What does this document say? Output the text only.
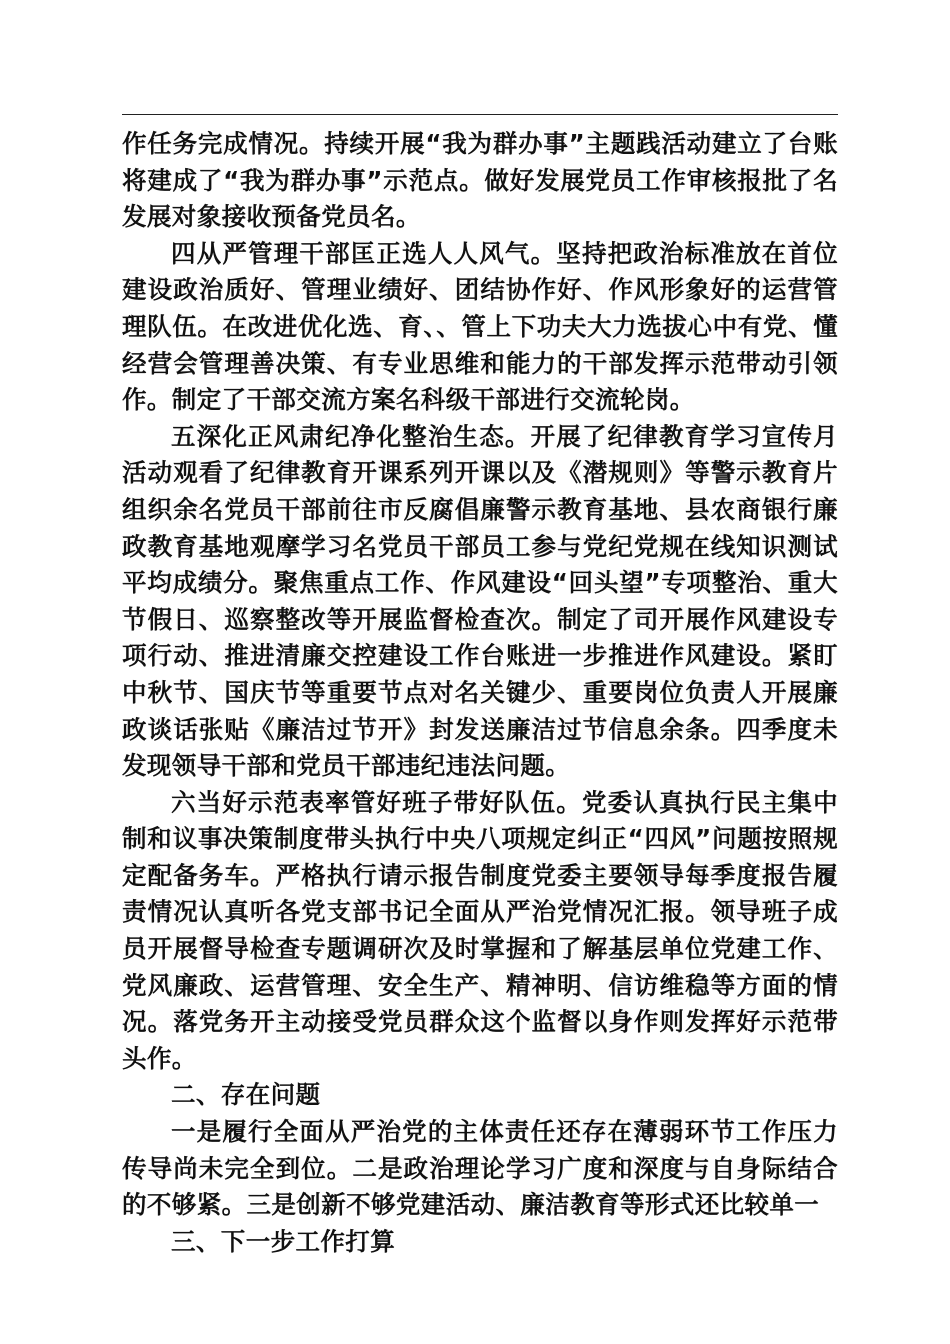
作任务完成情况。持续开展“我为群办事”主题践活动建立了台账将建成了“我为群办事”示范点。做好发展党员工作审核报批了名发展对象接收预备党员名。

四从严管理干部匡正选人人风气。坚持把政治标准放在首位建设政治质好、管理业绩好、团结协作好、作风形象好的运营管理队伍。在改进优化选、育、、管上下功夫大力选拔心中有党、懂经营会管理善决策、有专业思维和能力的干部发挥示范带动引领作。制定了干部交流方案名科级干部进行交流轮岗。

五深化正风肃纪净化整治生态。开展了纪律教育学习宣传月活动观看了纪律教育开课系列开课以及《潜规则》等警示教育片组织余名党员干部前往市反腐倡廉警示教育基地、县农商银行廉政教育基地观摩学习名党员干部员工参与党纪党规在线知识测试平均成绩分。聚焦重点工作、作风建设“回头望”专项整治、重大节假日、巡察整改等开展监督检查次。制定了司开展作风建设专项行动、推进清廉交控建设工作台账进一步推进作风建设。紧盯中秋节、国庆节等重要节点对名关键少、重要岗位负责人开展廉政谈话张贴《廉洁过节开》封发送廉洁过节信息余条。四季度未发现领导干部和党员干部违纪违法问题。

六当好示范表率管好班子带好队伍。党委认真执行民主集中制和议事决策制度带头执行中央八项规定纠正“四风”问题按照规定配备务车。严格执行请示报告制度党委主要领导每季度报告履责情况认真听各党支部书记全面从严治党情况汇报。领导班子成员开展督导检查专题调研次及时掌握和了解基层单位党建工作、党风廉政、运营管理、安全生产、精神明、信访维稳等方面的情况。落党务开主动接受党员群众这个监督以身作则发挥好示范带头作。

二、存在问题

一是履行全面从严治党的主体责任还存在薄弱环节工作压力传导尚未完全到位。二是政治理论学习广度和深度与自身际结合的不够紧。三是创新不够党建活动、廉洁教育等形式还比较单一

三、下一步工作打算
